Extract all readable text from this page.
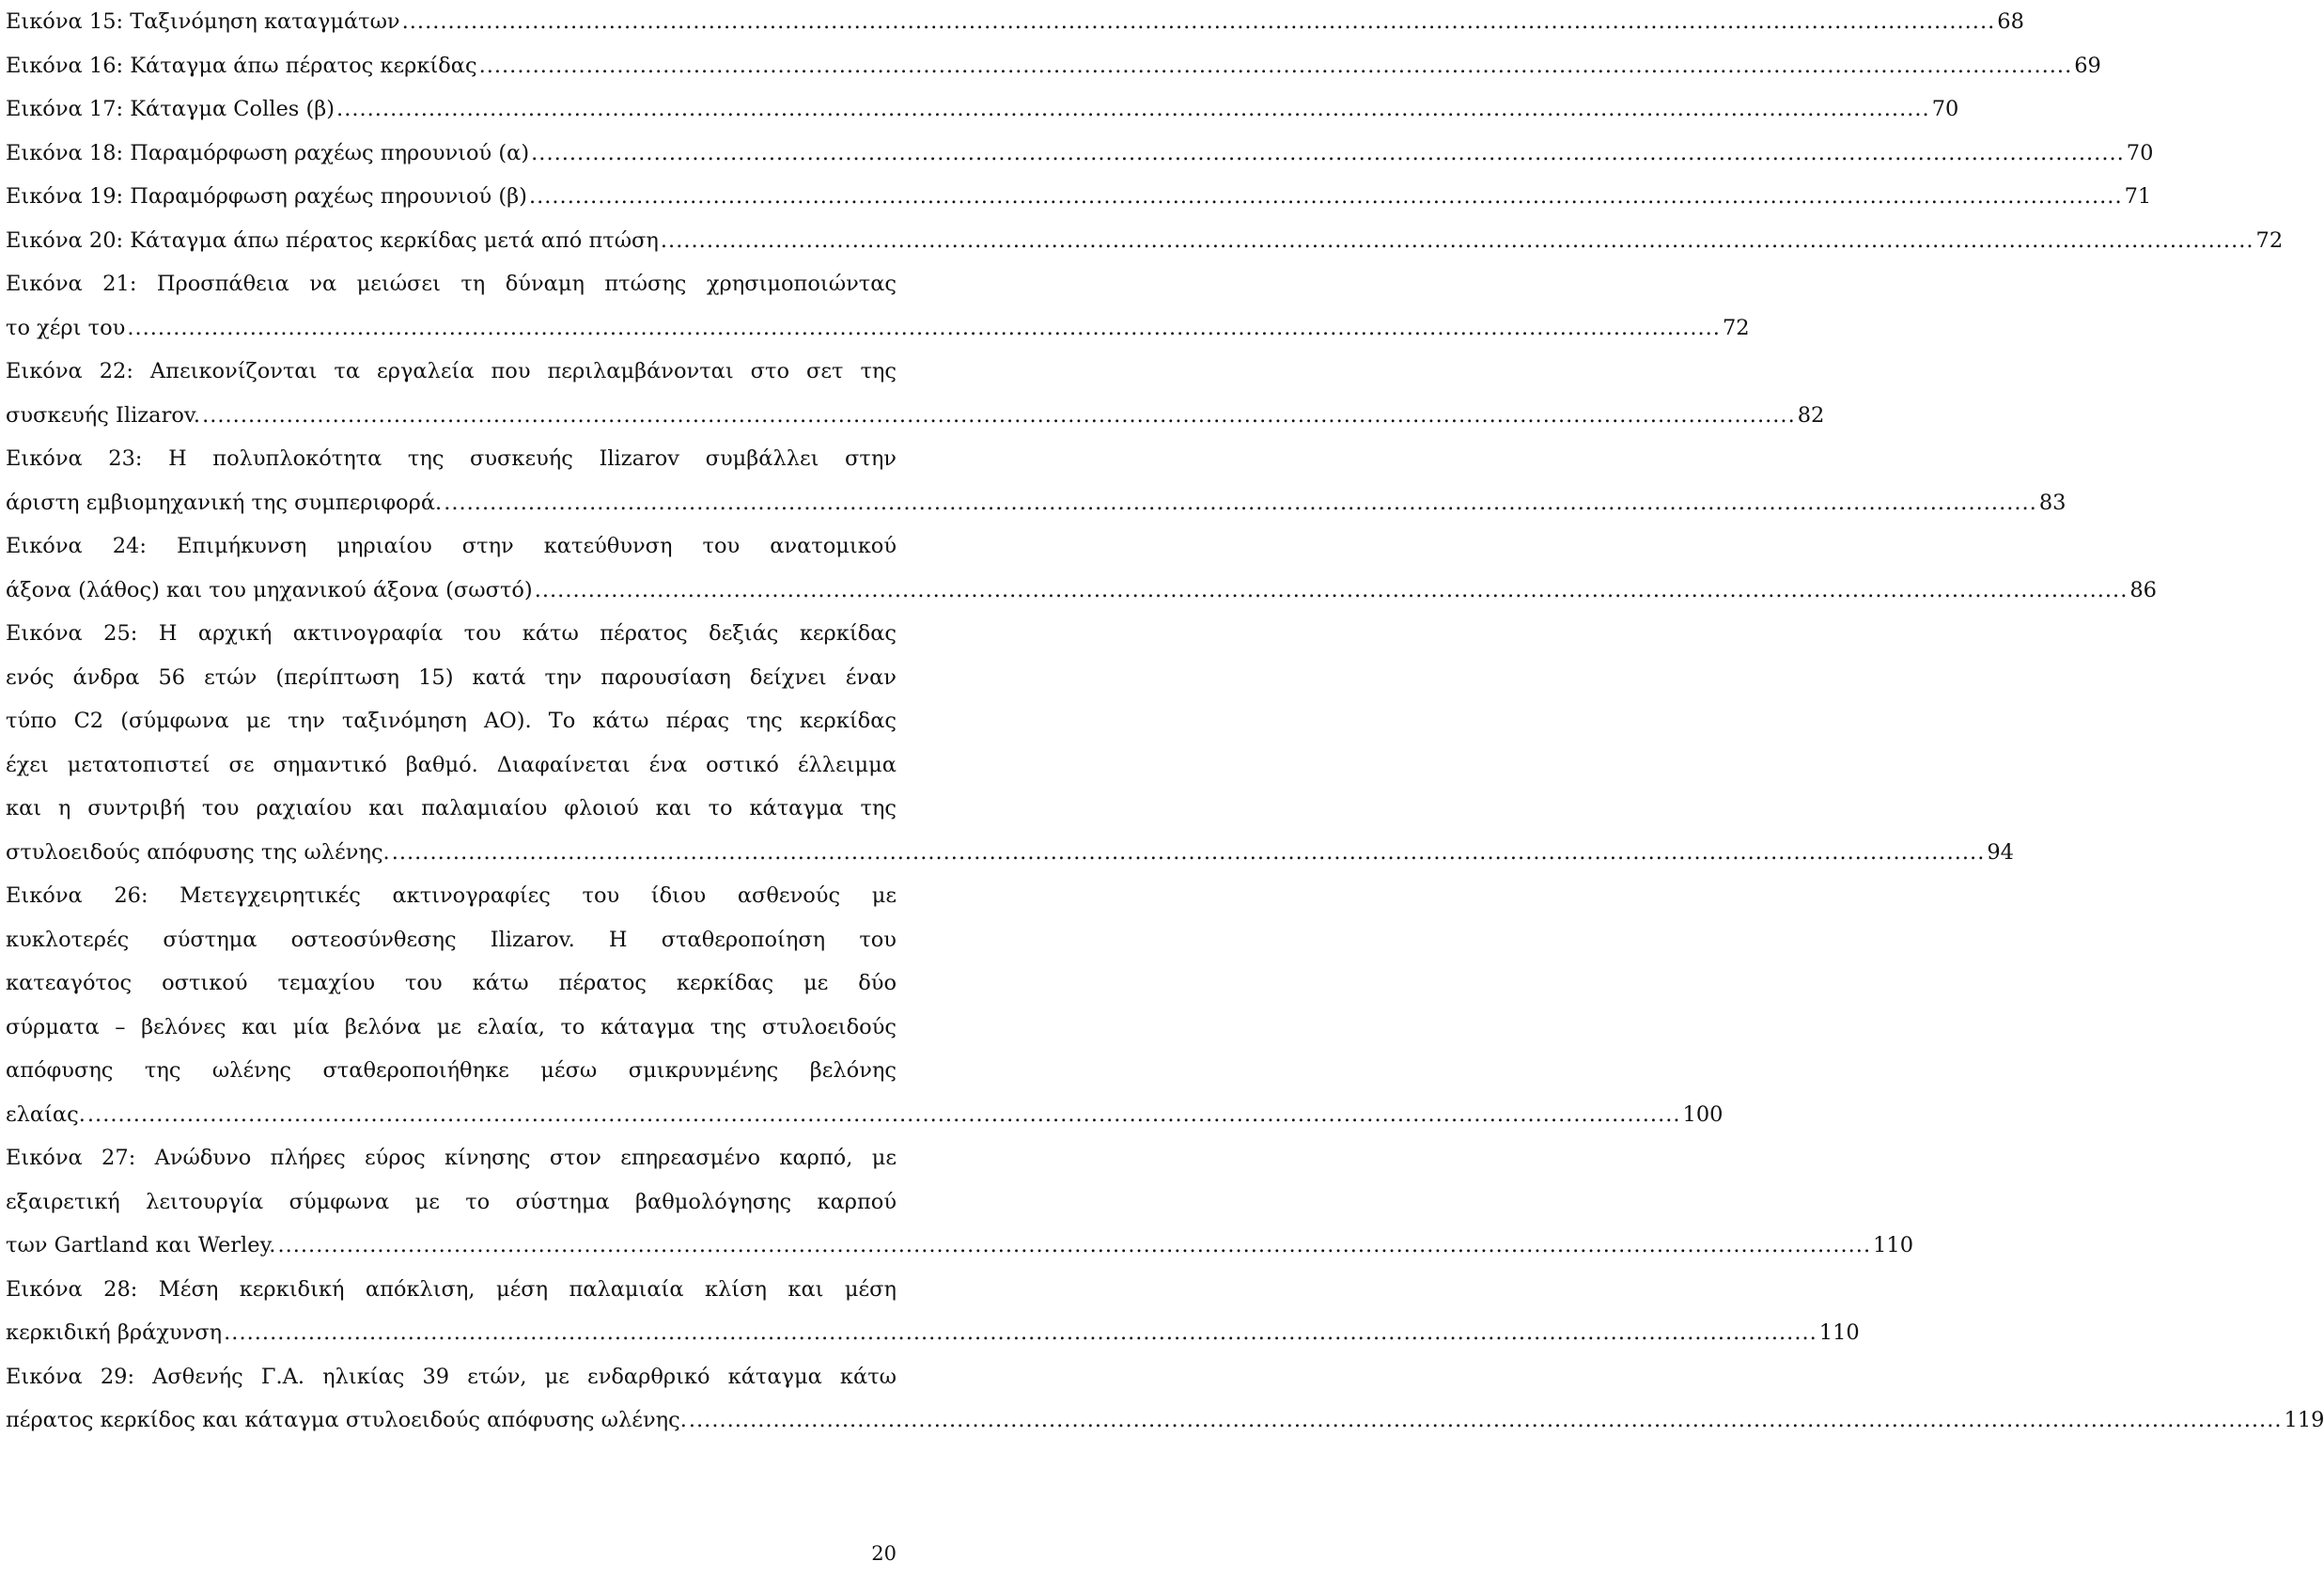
Εικόνα 15: Ταξινόμηση καταγμάτων .....	68
Εικόνα 16: Κάταγμα άπω πέρατος κερκίδας .....	69
Εικόνα 17: Κάταγμα Colles (β) .....	70
Εικόνα 18: Παραμόρφωση ραχέως πηρουνιού (α) .....	70
Εικόνα 19: Παραμόρφωση ραχέως πηρουνιού (β) .....	71
Εικόνα 20: Κάταγμα άπω πέρατος κερκίδας μετά από πτώση .....	72
Εικόνα 21: Προσπάθεια να μειώσει τη δύναμη πτώσης χρησιμοποιώντας
το χέρι του .....	72
Εικόνα 22: Απεικονίζονται τα εργαλεία που περιλαμβάνονται στο σετ της
συσκευής Ilizarov. .....	82
Εικόνα 23: Η πολυπλοκότητα της συσκευής Ilizarov συμβάλλει στην
άριστη εμβιομηχανική της συμπεριφορά. .....	83
Εικόνα 24: Επιμήκυνση μηριαίου στην κατεύθυνση του ανατομικού
άξονα (λάθος) και του μηχανικού άξονα (σωστό) .....	86
Εικόνα 25: Η αρχική ακτινογραφία του κάτω πέρατος δεξιάς κερκίδας
ενός άνδρα 56 ετών (περίπτωση 15) κατά την παρουσίαση δείχνει έναν
τύπο C2 (σύμφωνα με την ταξινόμηση ΑΟ). Το κάτω πέρας της κερκίδας
έχει μετατοπιστεί σε σημαντικό βαθμό. Διαφαίνεται ένα οστικό έλλειμμα
και η συντριβή του ραχιαίου και παλαμιαίου φλοιού και το κάταγμα της
στυλοειδούς απόφυσης της ωλένης. .....	94
Εικόνα 26: Μετεγχειρητικές ακτινογραφίες του ίδιου ασθενούς με
κυκλοτερές σύστημα οστεοσύνθεσης Ilizarov. Η σταθεροποίηση του
κατεαγότος οστικού τεμαχίου του κάτω πέρατος κερκίδας με δύο
σύρματα – βελόνες και μία βελόνα με ελαία, το κάταγμα της στυλοειδούς
απόφυσης της ωλένης σταθεροποιήθηκε μέσω σμικρυνμένης βελόνης
ελαίας. .....	100
Εικόνα 27: Ανώδυνο πλήρες εύρος κίνησης στον επηρεασμένο καρπό, με
εξαιρετική λειτουργία σύμφωνα με το σύστημα βαθμολόγησης καρπού
των Gartland και Werley. .....	110
Εικόνα 28: Μέση κερκιδική απόκλιση, μέση παλαμιαία κλίση και μέση
κερκιδική βράχυνση .....	110
Εικόνα 29: Ασθενής Γ.Α. ηλικίας 39 ετών, με ενδαρθρικό κάταγμα κάτω
πέρατος κερκίδος και κάταγμα στυλοειδούς απόφυσης ωλένης. .....	119
20
